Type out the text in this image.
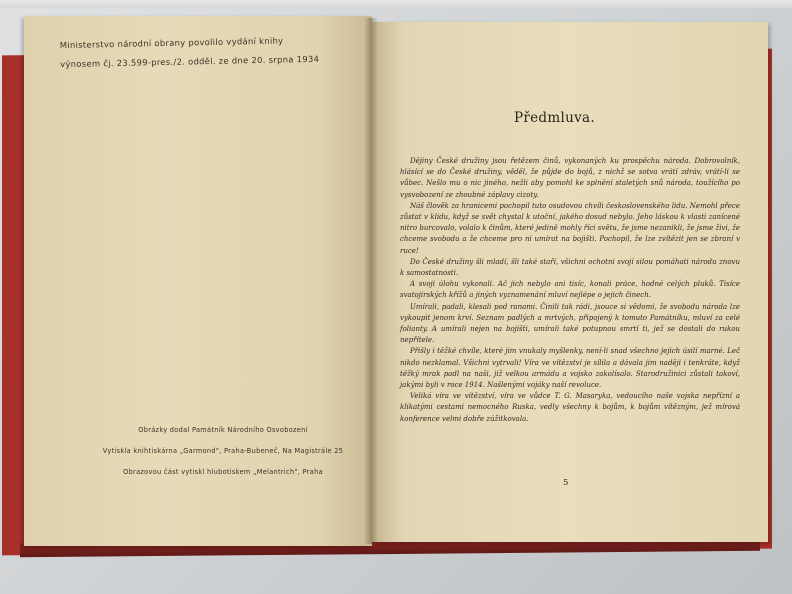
Ministerstvo národní obrany povolilo vydání knihy
výnosem čj. 23.599-pres./2. odděl. ze dne 20. srpna 1934
Obrázky dodal Památník Národního Osvobození
Vytiskla knihtiskárna „Garmond", Praha-Bubeneč, Na Magistrále 25
Obrazovou část vytiskl hlubotiskem „Melantrich", Praha
Předmluva.

Dějiny České družiny jsou řetězem činů, vykonaných ku prospěchu národa. Dobrovolník, hlásící se do České družiny, věděl, že půjde do bojů, z nichž se sotva vrátí zdráv, vrátí-li se vůbec. Nešlo mu o nic jiného, nežli aby pomohl ke splnění staletých snů národa, toužícího po vysvobození ze zhoubné záplavy cizoty.

Náš člověk za hranicemi pochopil tuto osudovou chvíli československého lidu. Nemohl přece zůstat v klidu, když se svět chystal k utoční, jakého dosud nebylo. Jeho láskou k vlasti zanícené nitro burcovalo, volalo k činům, které jedině mohly říci světu, že jsme nezanikli, že jsme živi, že chceme svobodu a že chceme pro ni umírat na bojišti. Pochopil, že lze zvítězit jen se zbraní v ruce!

Do České družiny šli mladí, šli také staří, všichni ochotni svojí silou pomáhati národu znovu k samostatnosti.

A svoji úlohu vykonali. Ač jich nebylo ani tisíc, konali práce, hodné celých pluků. Tisíce svatojirských křížů a jiných vyznamenání mluví nejlépe o jejich činech.

Umírali, padali, klesali pod ranami. Činili tak rádi, jsouce si vědomi, že svobodu národa lze vykoupit jenom krví. Seznam padlých a mrtvých, připojený k tomuto Památníku, mluví za celé folianty. A umírali nejen na bojišti, umírali také potupnou smrtí ti, jež se dostali do rukou nepřítele.

Přišly i těžké chvíle, které jim vnukaly myšlenky, není-li snad všechno jejich úsilí marné. Leč nikdo nezklamal. Všichni vytrvali! Víra ve vítězství je sílila a dávala jim naději i tenkráte, když těžký mrak padl na naši, již velkou armádu a vojsko zakolísalo. Starodružinici zůstali takoví, jakými byli v roce 1914. Našlenými vojáky naší revoluce.

Veliká víra ve vítězství, víra ve vůdce T. G. Masaryka, vedoucího naše vojska nepřízní a klikatými cestami nemocného Ruska, vedly všechny k bojům, k bojům vítězným, jež mírová konference velmi dobře zúžitkovala.

5
